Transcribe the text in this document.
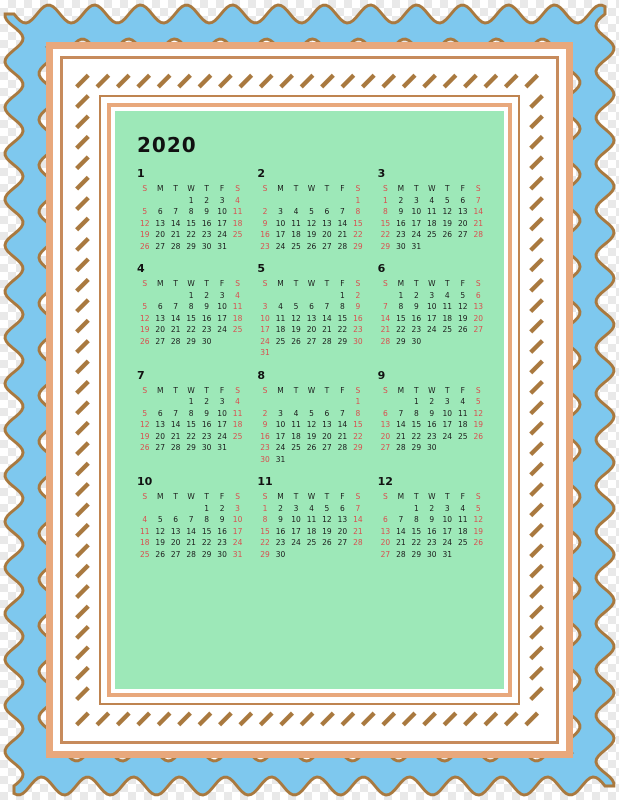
2020
1
S	M	T	W	T	F	S
			1	2	3	4
5	6	7	8	9	10	11
12	13	14	15	16	17	18
19	20	21	22	23	24	25
26	27	28	29	30	31	
2
S	M	T	W	T	F	S
						1
2	3	4	5	6	7	8
9	10	11	12	13	14	15
16	17	18	19	20	21	22
23	24	25	26	27	28	29
3
S	M	T	W	T	F	S
1	2	3	4	5	6	7
8	9	10	11	12	13	14
15	16	17	18	19	20	21
22	23	24	25	26	27	28
29	30	31				
4
S	M	T	W	T	F	S
			1	2	3	4
5	6	7	8	9	10	11
12	13	14	15	16	17	18
19	20	21	22	23	24	25
26	27	28	29	30		
5
S	M	T	W	T	F	S
					1	2
3	4	5	6	7	8	9
10	11	12	13	14	15	16
17	18	19	20	21	22	23
24	25	26	27	28	29	30
31						
6
S	M	T	W	T	F	S
	1	2	3	4	5	6
7	8	9	10	11	12	13
14	15	16	17	18	19	20
21	22	23	24	25	26	27
28	29	30				
7
S	M	T	W	T	F	S
			1	2	3	4
5	6	7	8	9	10	11
12	13	14	15	16	17	18
19	20	21	22	23	24	25
26	27	28	29	30	31	
8
S	M	T	W	T	F	S
						1
2	3	4	5	6	7	8
9	10	11	12	13	14	15
16	17	18	19	20	21	22
23	24	25	26	27	28	29
30	31					
9
S	M	T	W	T	F	S
		1	2	3	4	5
6	7	8	9	10	11	12
13	14	15	16	17	18	19
20	21	22	23	24	25	26
27	28	29	30			
10
S	M	T	W	T	F	S
				1	2	3
4	5	6	7	8	9	10
11	12	13	14	15	16	17
18	19	20	21	22	23	24
25	26	27	28	29	30	31
11
S	M	T	W	T	F	S
1	2	3	4	5	6	7
8	9	10	11	12	13	14
15	16	17	18	19	20	21
22	23	24	25	26	27	28
29	30					
12
S	M	T	W	T	F	S
		1	2	3	4	5
6	7	8	9	10	11	12
13	14	15	16	17	18	19
20	21	22	23	24	25	26
27	28	29	30	31		
